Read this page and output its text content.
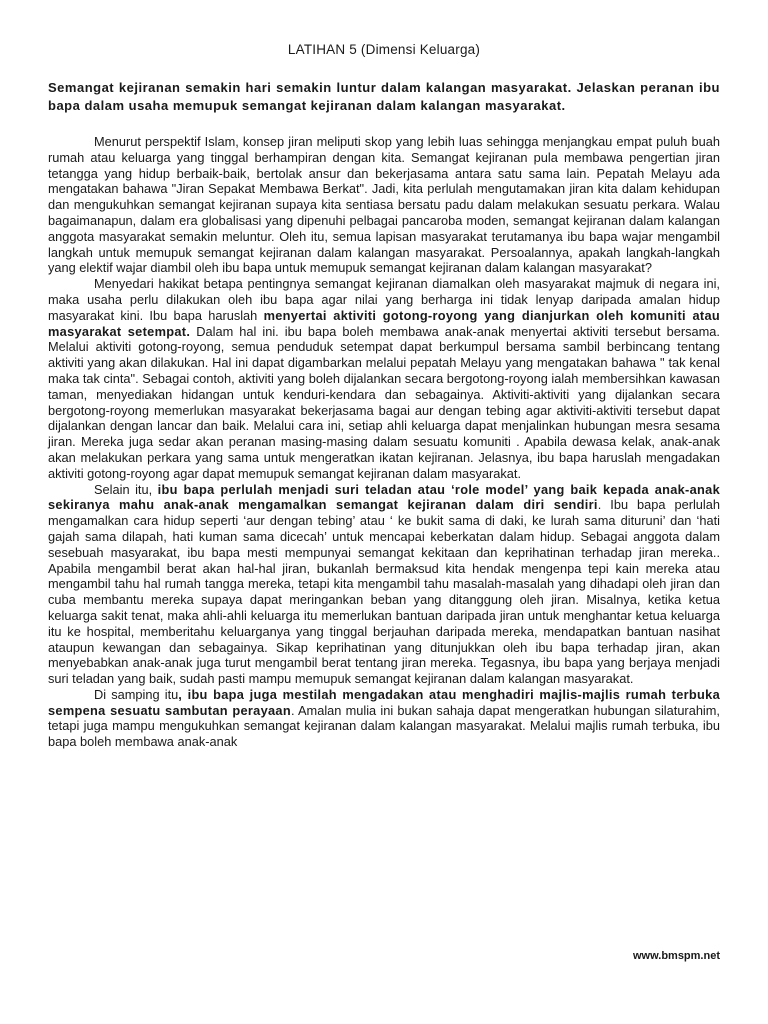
LATIHAN 5 (Dimensi Keluarga)
Semangat kejiranan semakin hari semakin luntur dalam kalangan masyarakat. Jelaskan peranan ibu bapa dalam usaha memupuk semangat kejiranan dalam kalangan masyarakat.

Menurut perspektif Islam, konsep jiran meliputi skop yang lebih luas sehingga menjangkau empat puluh buah rumah atau keluarga yang tinggal berhampiran dengan kita. Semangat kejiranan pula membawa pengertian jiran tetangga yang hidup berbaik-baik, bertolak ansur dan bekerjasama antara satu sama lain. Pepatah Melayu ada mengatakan bahawa "Jiran Sepakat Membawa Berkat". Jadi, kita perlulah mengutamakan jiran kita dalam kehidupan dan mengukuhkan semangat kejiranan supaya kita sentiasa bersatu padu dalam melakukan sesuatu perkara. Walau bagaimanapun, dalam era globalisasi yang dipenuhi pelbagai pancaroba moden, semangat kejiranan dalam kalangan anggota masyarakat semakin meluntur. Oleh itu, semua lapisan masyarakat terutamanya ibu bapa wajar mengambil langkah untuk memupuk semangat kejiranan dalam kalangan masyarakat. Persoalannya, apakah langkah-langkah yang elektif wajar diambil oleh ibu bapa untuk memupuk semangat kejiranan dalam kalangan masyarakat?

Menyedari hakikat betapa pentingnya semangat kejiranan diamalkan oleh masyarakat majmuk di negara ini, maka usaha perlu dilakukan oleh ibu bapa agar nilai yang berharga ini tidak lenyap daripada amalan hidup masyarakat kini. Ibu bapa haruslah menyertai aktiviti gotong-royong yang dianjurkan oleh komuniti atau masyarakat setempat. Dalam hal ini. ibu bapa boleh membawa anak-anak menyertai aktiviti tersebut bersama. Melalui aktiviti gotong-royong, semua penduduk setempat dapat berkumpul bersama sambil berbincang tentang aktiviti yang akan dilakukan. Hal ini dapat digambarkan melalui pepatah Melayu yang mengatakan bahawa " tak kenal maka tak cinta". Sebagai contoh, aktiviti yang boleh dijalankan secara bergotong-royong ialah membersihkan kawasan taman, menyediakan hidangan untuk kenduri-kendara dan sebagainya. Aktiviti-aktiviti yang dijalankan secara bergotong-royong memerlukan masyarakat bekerjasama bagai aur dengan tebing agar aktiviti-aktiviti tersebut dapat dijalankan dengan lancar dan baik. Melalui cara ini, setiap ahli keluarga dapat menjalinkan hubungan mesra sesama jiran. Mereka juga sedar akan peranan masing-masing dalam sesuatu komuniti . Apabila dewasa kelak, anak-anak akan melakukan perkara yang sama untuk mengeratkan ikatan kejiranan. Jelasnya, ibu bapa haruslah mengadakan aktiviti gotong-royong agar dapat memupuk semangat kejiranan dalam masyarakat.

Selain itu, ibu bapa perlulah menjadi suri teladan atau ‘role model’ yang baik kepada anak-anak sekiranya mahu anak-anak mengamalkan semangat kejiranan dalam diri sendiri. Ibu bapa perlulah mengamalkan cara hidup seperti ‘aur dengan tebing’ atau ‘ ke bukit sama di daki, ke lurah sama dituruni’ dan ‘hati gajah sama dilapah, hati kuman sama dicecah’ untuk mencapai keberkatan dalam hidup. Sebagai anggota dalam sesebuah masyarakat, ibu bapa mesti mempunyai semangat kekitaan dan keprihatinan terhadap jiran mereka.. Apabila mengambil berat akan hal-hal jiran, bukanlah bermaksud kita hendak mengenpa tepi kain mereka atau mengambil tahu hal rumah tangga mereka, tetapi kita mengambil tahu masalah-masalah yang dihadapi oleh jiran dan cuba membantu mereka supaya dapat meringankan beban yang ditanggung oleh jiran. Misalnya, ketika ketua keluarga sakit tenat, maka ahli-ahli keluarga itu memerlukan bantuan daripada jiran untuk menghantar ketua keluarga itu ke hospital, memberitahu keluarganya yang tinggal berjauhan daripada mereka, mendapatkan bantuan nasihat ataupun kewangan dan sebagainya. Sikap keprihatinan yang ditunjukkan oleh ibu bapa terhadap jiran, akan menyebabkan anak-anak juga turut mengambil berat tentang jiran mereka. Tegasnya, ibu bapa yang berjaya menjadi suri teladan yang baik, sudah pasti mampu memupuk semangat kejiranan dalam kalangan masyarakat.

Di samping itu, ibu bapa juga mestilah mengadakan atau menghadiri majlis-majlis rumah terbuka sempena sesuatu sambutan perayaan. Amalan mulia ini bukan sahaja dapat mengeratkan hubungan silaturahim, tetapi juga mampu mengukuhkan semangat kejiranan dalam kalangan masyarakat. Melalui majlis rumah terbuka, ibu bapa boleh membawa anak-anak

www.bmspm.net
